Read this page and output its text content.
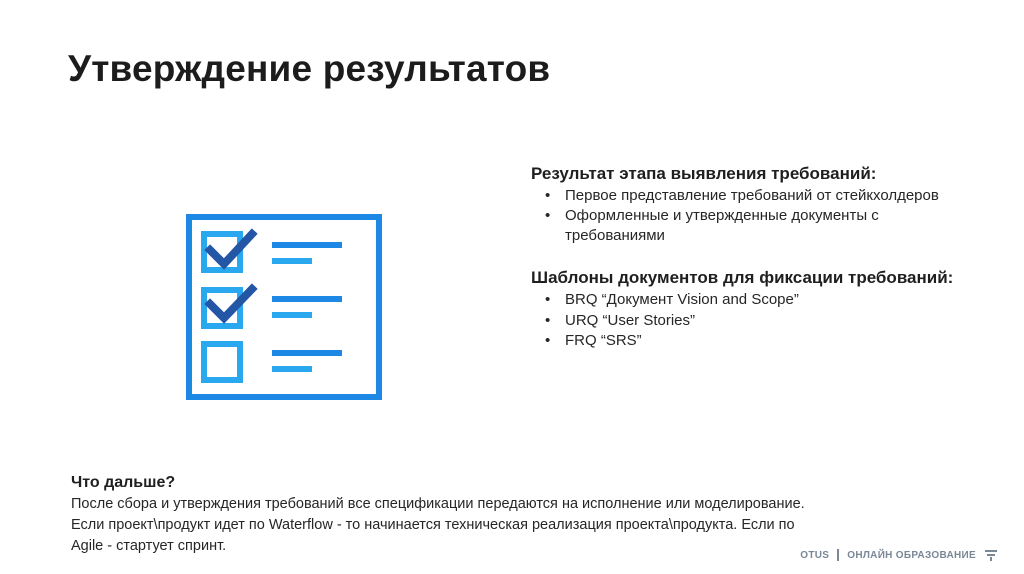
Утверждение результатов
Результат этапа выявления требований:
• Первое представление требований от стейкхолдеров
• Оформленные и утвержденные документы с требованиями
Шаблоны документов для фиксации требований:
• BRQ “Документ Vision and Scope”
• URQ “User Stories”
• FRQ “SRS”
Что дальше?

После сбора и утверждения требований все спецификации передаются на исполнение или моделирование.

Если проект\продукт идет по Waterflow - то начинается техническая реализация проекта\продукта. Если по

Agile - стартует спринт.

OTUS ОНЛАЙН ОБРАЗОВАНИЕ
